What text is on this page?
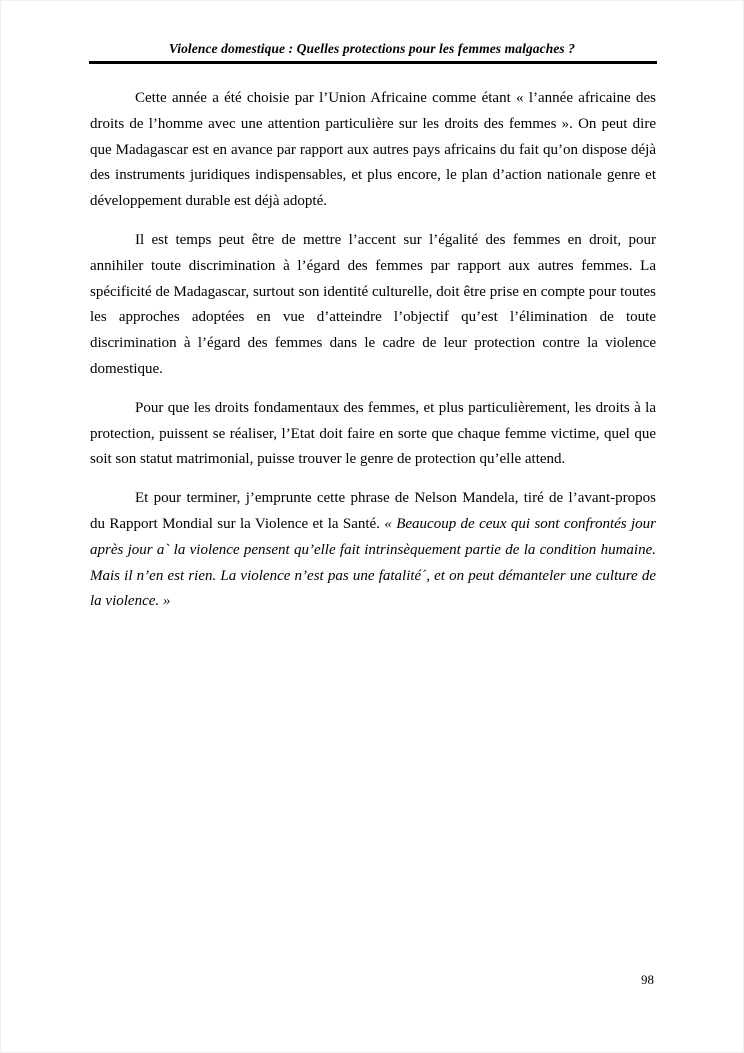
Violence domestique : Quelles protections pour les femmes malgaches ?

Cette année a été choisie par l’Union Africaine comme étant « l’année africaine des droits de l’homme avec une attention particulière sur les droits des femmes ». On peut dire que Madagascar est en avance par rapport aux autres pays africains du fait qu’on dispose déjà des instruments juridiques indispensables, et plus encore, le plan d’action nationale genre et développement durable est déjà adopté.

Il est temps peut être de mettre l’accent sur l’égalité des femmes en droit, pour annihiler toute discrimination à l’égard des femmes par rapport aux autres femmes. La spécificité de Madagascar, surtout son identité culturelle, doit être prise en compte pour toutes les approches adoptées en vue d’atteindre l’objectif qu’est l’élimination de toute discrimination à l’égard des femmes dans le cadre de leur protection contre la violence domestique.

Pour que les droits fondamentaux des femmes, et plus particulièrement, les droits à la protection, puissent se réaliser, l’Etat doit faire en sorte que chaque femme victime, quel que soit son statut matrimonial, puisse trouver le genre de protection qu’elle attend.

Et pour terminer, j’emprunte cette phrase de Nelson Mandela, tiré de l’avant-propos du Rapport Mondial sur la Violence et la Santé. « Beaucoup de ceux qui sont confrontés jour après jour a` la violence pensent qu’elle fait intrinsèquement partie de la condition humaine. Mais il n’en est rien. La violence n’est pas une fatalité´, et on peut démanteler une culture de la violence. »

98
